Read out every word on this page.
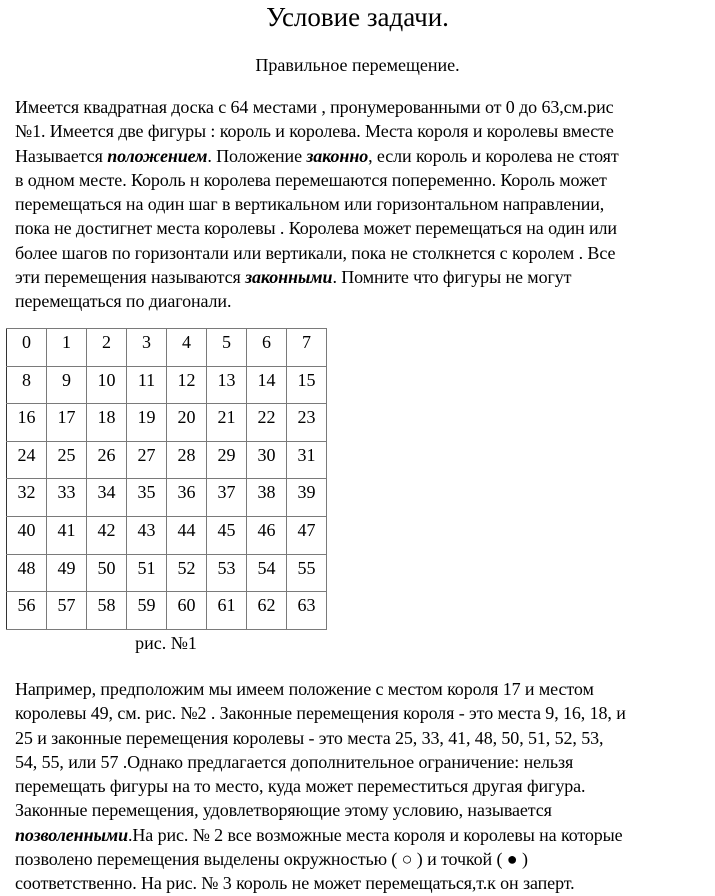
Условие задачи.
Правильное перемещение.
Имеется квадратная доска с 64 местами , пронумерованными от 0 до 63,см.рис
№1. Имеется две фигуры : король и королева. Места короля и королевы вместе
Называется положением. Положение законно, если король и королева не стоят
в одном месте. Король н королева перемешаются попеременно. Король может
перемещаться на один шаг в вертикальном или горизонтальном направлении,
пока не достигнет места королевы . Королева может перемещаться на один или
более шагов по горизонтали или вертикали, пока не столкнется с королем . Все
эти перемещения называются законными. Помните что фигуры не могут
перемещаться по диагонали.
0	1	2	3	4	5	6	7
8	9	10	11	12	13	14	15
16	17	18	19	20	21	22	23
24	25	26	27	28	29	30	31
32	33	34	35	36	37	38	39
40	41	42	43	44	45	46	47
48	49	50	51	52	53	54	55
56	57	58	59	60	61	62	63
рис. №1
Например, предположим мы имеем положение с местом короля 17 и местом
королевы 49, см. рис. №2 . Законные перемещения короля - это места 9, 16, 18, и
25 и законные перемещения королевы - это места 25, 33, 41, 48, 50, 51, 52, 53,
54, 55, или 57 .Однако предлагается дополнительное ограничение: нельзя
перемещать фигуры на то место, куда может переместиться другая фигура.
Законные перемещения, удовлетворяющие этому условию, называется
позволенными.На рис. № 2 все возможные места короля и королевы на которые
позволено перемещения выделены окружностью ( ○ ) и точкой ( ● )
соответственно. На рис. № 3 король не может перемещаться,т.к он заперт.
